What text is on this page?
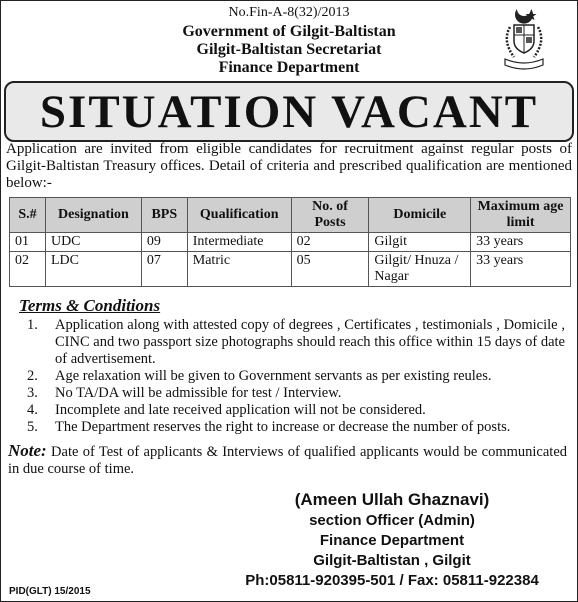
No.Fin-A-8(32)/2013
Government of Gilgit-Baltistan
Gilgit-Baltistan Secretariat
Finance Department
SITUATION VACANT
Application are invited from eligible candidates for recruitment against regular posts of Gilgit-Baltistan Treasury offices. Detail of criteria and prescribed qualification are mentioned below:-
S.#	Designation	BPS	Qualification	No. of Posts	Domicile	Maximum age limit
01	UDC	09	Intermediate	02	Gilgit	33 years
02	LDC	07	Matric	05	Gilgit/ Hnuza / Nagar	33 years
Terms & Conditions
1. Application along with attested copy of degrees , Certificates , testimonials , Domicile , CINC and two passport size photographs should reach this office within 15 days of date of advertisement.
2. Age relaxation will be given to Government servants as per existing reules.
3. No TA/DA will be admissible for test / Interview.
4. Incomplete and late received application will not be considered.
5. The Department reserves the right to increase or decrease the number of posts.
Note: Date of Test of applicants & Interviews of qualified applicants would be communicated in due course of time.
(Ameen Ullah Ghaznavi)
section Officer (Admin)
Finance Department
Gilgit-Baltistan , Gilgit
Ph:05811-920395-501 / Fax: 05811-922384
PID(GLT) 15/2015
